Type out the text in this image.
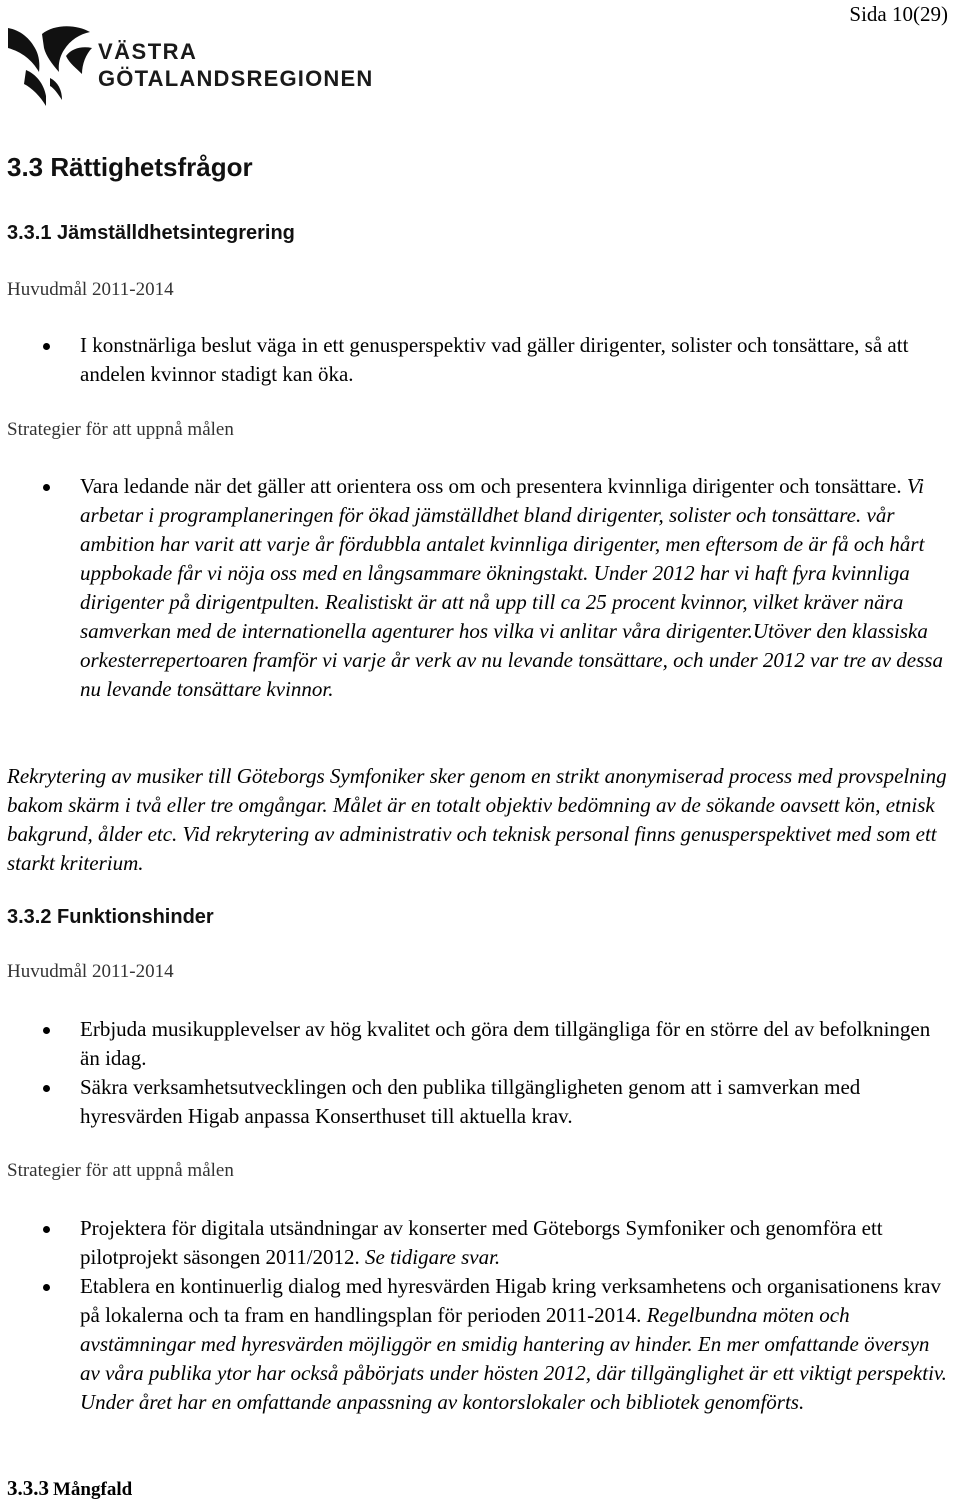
Sida 10(29)
VÄSTRA
GÖTALANDSREGIONEN
3.3 Rättighetsfrågor
3.3.1 Jämställdhetsintegrering
Huvudmål 2011-2014
I konstnärliga beslut väga in ett genusperspektiv vad gäller dirigenter, solister och tonsättare, så att andelen kvinnor stadigt kan öka.
Strategier för att uppnå målen
Vara ledande när det gäller att orientera oss om och presentera kvinnliga dirigenter och tonsättare. Vi arbetar i programplaneringen för ökad jämställdhet bland dirigenter, solister och tonsättare. vår ambition har varit att varje år fördubbla antalet kvinnliga dirigenter, men eftersom de är få och hårt uppbokade får vi nöja oss med en långsammare ökningstakt. Under 2012 har vi haft fyra kvinnliga dirigenter på dirigentpulten. Realistiskt är att nå upp till ca 25 procent kvinnor, vilket kräver nära samverkan med de internationella agenturer hos vilka vi anlitar våra dirigenter.Utöver den klassiska orkesterrepertoaren framför vi varje år verk av nu levande tonsättare, och under 2012 var tre av dessa nu levande tonsättare kvinnor.
Rekrytering av musiker till Göteborgs Symfoniker sker genom en strikt anonymiserad process med provspelning bakom skärm i två eller tre omgångar. Målet är en totalt objektiv bedömning av de sökande oavsett kön, etnisk bakgrund, ålder etc. Vid rekrytering av administrativ och teknisk personal finns genusperspektivet med som ett starkt kriterium.
3.3.2 Funktionshinder
Huvudmål 2011-2014
Erbjuda musikupplevelser av hög kvalitet och göra dem tillgängliga för en större del av befolkningen än idag.
Säkra verksamhetsutvecklingen och den publika tillgängligheten genom att i samverkan med hyresvärden Higab anpassa Konserthuset till aktuella krav.
Strategier för att uppnå målen
Projektera för digitala utsändningar av konserter med Göteborgs Symfoniker och genomföra ett pilotprojekt säsongen 2011/2012. Se tidigare svar.
Etablera en kontinuerlig dialog med hyresvärden Higab kring verksamhetens och organisationens krav på lokalerna och ta fram en handlingsplan för perioden 2011-2014. Regelbundna möten och avstämningar med hyresvärden möjliggör en smidig hantering av hinder. En mer omfattande översyn av våra publika ytor har också påbörjats under hösten 2012, där tillgänglighet är ett viktigt perspektiv. Under året har en omfattande anpassning av kontorslokaler och bibliotek genomförts.
3.3.3 Mångfald
